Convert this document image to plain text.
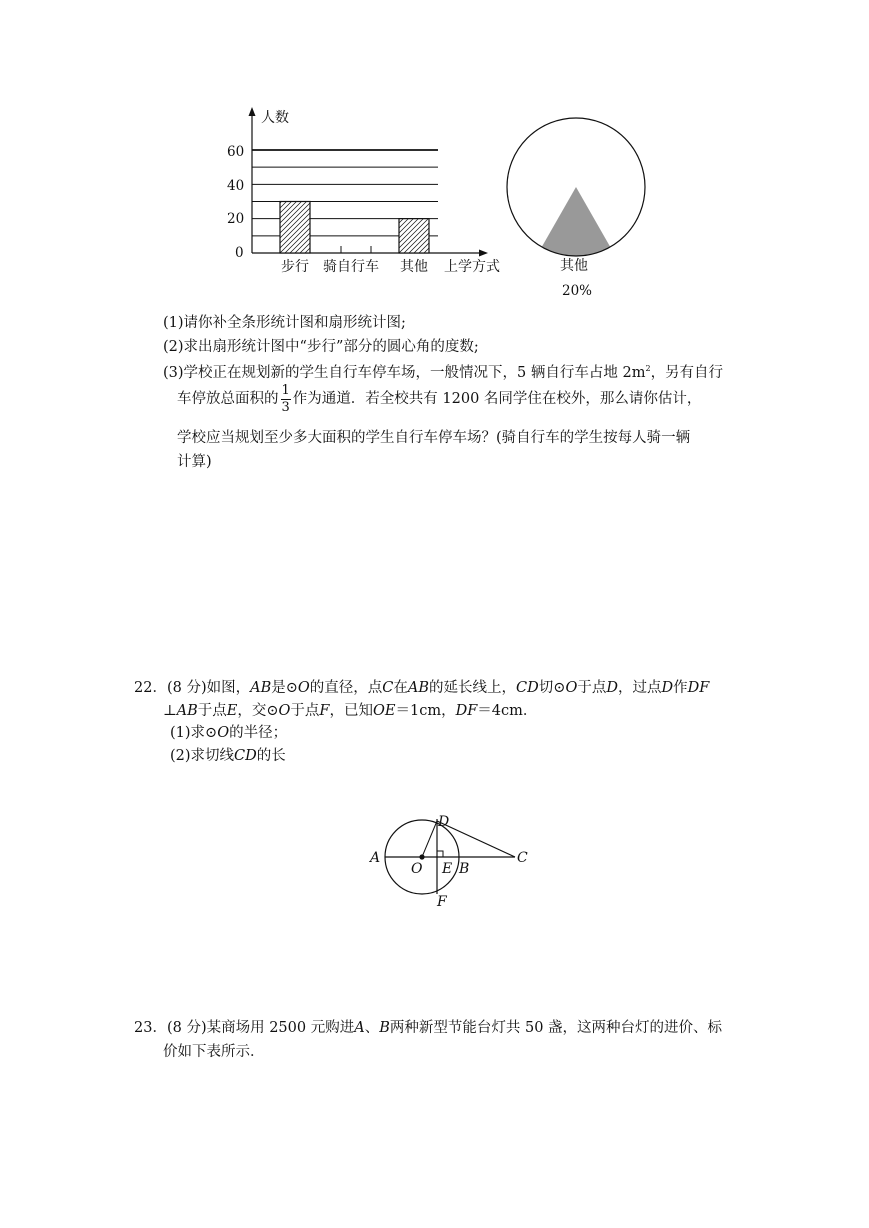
人数
60
40
20
0
步行 骑自行车 其他 上学方式	其他
20%
(1)请你补全条形统计图和扇形统计图;
(2)求出扇形统计图中“步行”部分的圆心角的度数;
(3)学校正在规划新的学生自行车停车场，一般情况下，5 辆自行车占地 $2m^2$，另有自行
车停放总面积的 $\frac{1}{3}$ 作为通道．若全校共有 1200 名同学住在校外，那么请你估计，
学校应当规划至少多大面积的学生自行车停车场？(骑自行车的学生按每人骑一辆
计算)
22．(8 分)如图，AB是⊙O的直径，点C在AB的延长线上，CD切⊙O于点D，过点D作DF
⊥AB于点E，交⊙O于点F，已知OE＝1cm，DF＝4cm．
(1)求⊙O的半径；
(2)求切线CD的长
A
O E B
C
D
F
23．(8 分)某商场用 2500 元购进A、B两种新型节能台灯共 50 盏，这两种台灯的进价、标
价如下表所示．
